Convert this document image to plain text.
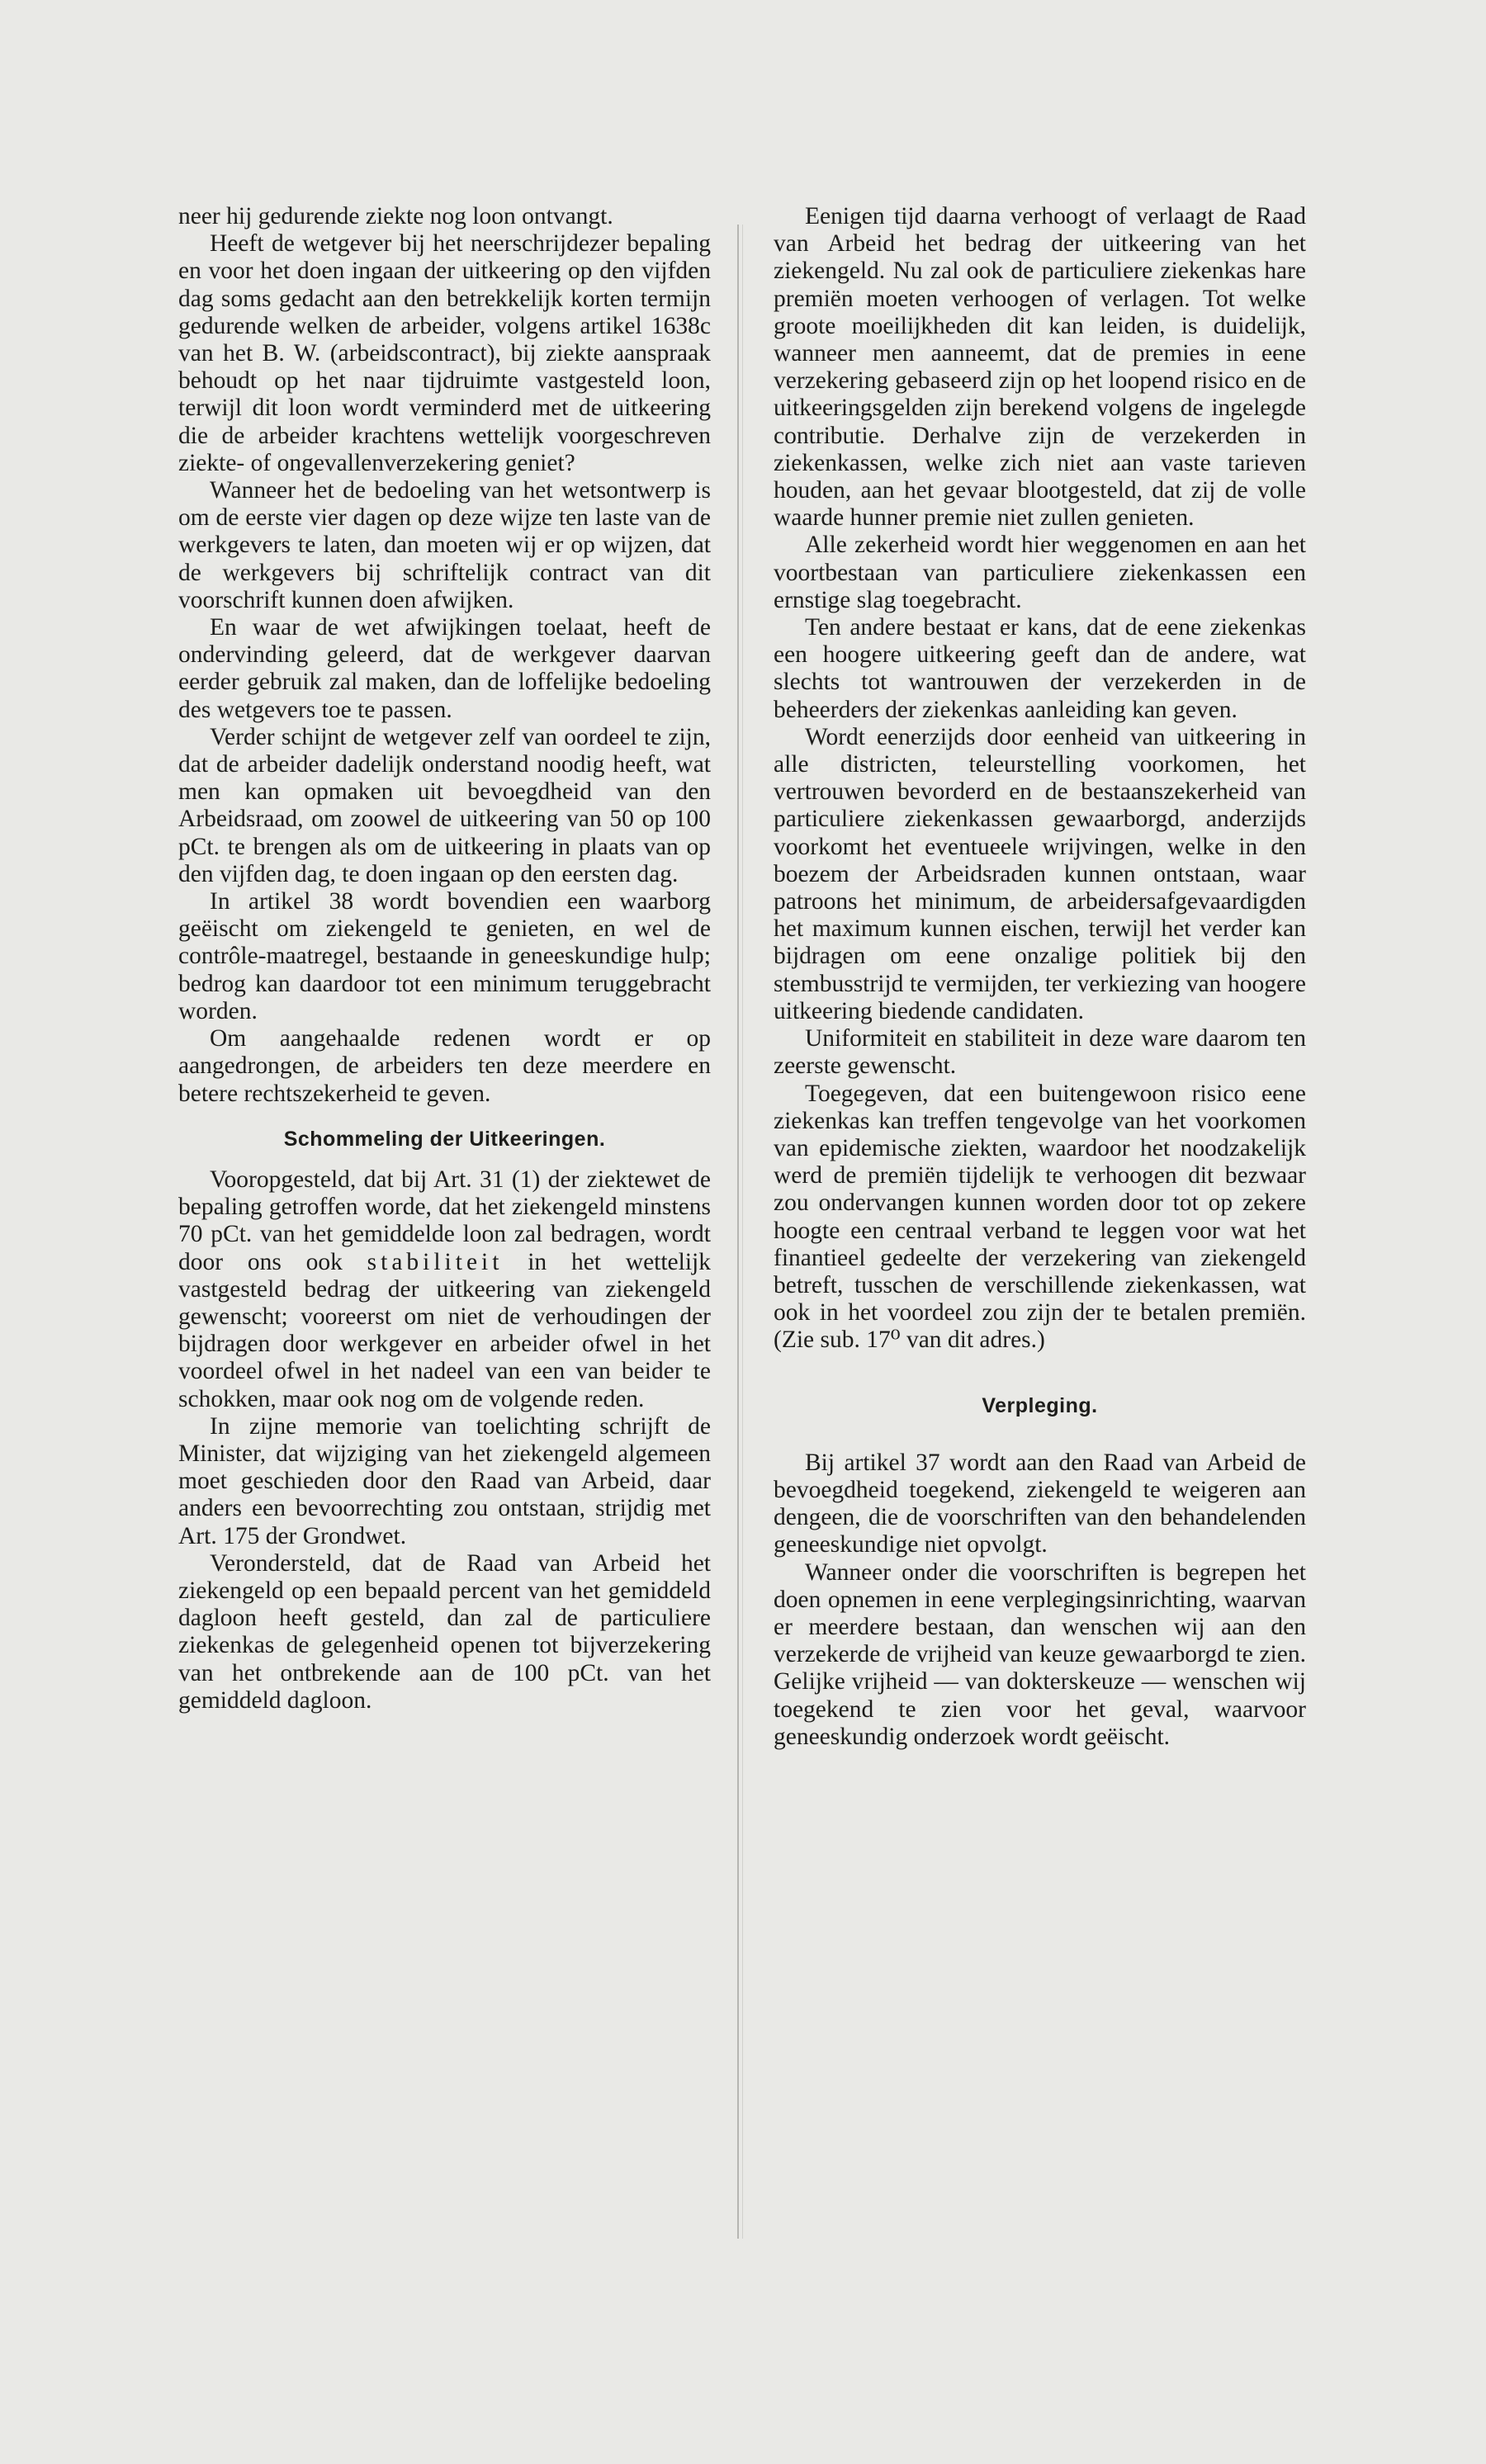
neer hij gedurende ziekte nog loon ontvangt.

Heeft de wetgever bij het neerschrijdezer bepaling en voor het doen ingaan der uitkeering op den vijfden dag soms gedacht aan den betrekkelijk korten termijn gedurende welken de arbeider, volgens artikel 1638c van het B. W. (arbeidscontract), bij ziekte aanspraak behoudt op het naar tijdruimte vastgesteld loon, terwijl dit loon wordt verminderd met de uitkeering die de arbeider krachtens wettelijk voorgeschreven ziekte- of ongevallenverzekering geniet?

Wanneer het de bedoeling van het wetsontwerp is om de eerste vier dagen op deze wijze ten laste van de werkgevers te laten, dan moeten wij er op wijzen, dat de werkgevers bij schriftelijk contract van dit voorschrift kunnen doen afwijken.

En waar de wet afwijkingen toelaat, heeft de ondervinding geleerd, dat de werkgever daarvan eerder gebruik zal maken, dan de loffelijke bedoeling des wetgevers toe te passen.

Verder schijnt de wetgever zelf van oordeel te zijn, dat de arbeider dadelijk onderstand noodig heeft, wat men kan opmaken uit bevoegdheid van den Arbeidsraad, om zoowel de uitkeering van 50 op 100 pCt. te brengen als om de uitkeering in plaats van op den vijfden dag, te doen ingaan op den eersten dag.

In artikel 38 wordt bovendien een waarborg geëischt om ziekengeld te genieten, en wel de contrôle-maatregel, bestaande in geneeskundige hulp; bedrog kan daardoor tot een minimum teruggebracht worden.

Om aangehaalde redenen wordt er op aangedrongen, de arbeiders ten deze meerdere en betere rechtszekerheid te geven.

Schommeling der Uitkeeringen.

Vooropgesteld, dat bij Art. 31 (1) der ziektewet de bepaling getroffen worde, dat het ziekengeld minstens 70 pCt. van het gemiddelde loon zal bedragen, wordt door ons ook stabiliteit in het wettelijk vastgesteld bedrag der uitkeering van ziekengeld gewenscht; vooreerst om niet de verhoudingen der bijdragen door werkgever en arbeider ofwel in het voordeel ofwel in het nadeel van een van beider te schokken, maar ook nog om de volgende reden.

In zijne memorie van toelichting schrijft de Minister, dat wijziging van het ziekengeld algemeen moet geschieden door den Raad van Arbeid, daar anders een bevoorrechting zou ontstaan, strijdig met Art. 175 der Grondwet.

Verondersteld, dat de Raad van Arbeid het ziekengeld op een bepaald percent van het gemiddeld dagloon heeft gesteld, dan zal de particuliere ziekenkas de gelegenheid openen tot bijverzekering van het ontbrekende aan de 100 pCt. van het gemiddeld dagloon.

Eenigen tijd daarna verhoogt of verlaagt de Raad van Arbeid het bedrag der uitkeering van het ziekengeld. Nu zal ook de particuliere ziekenkas hare premiën moeten verhoogen of verlagen. Tot welke groote moeilijkheden dit kan leiden, is duidelijk, wanneer men aanneemt, dat de premies in eene verzekering gebaseerd zijn op het loopend risico en de uitkeeringsgelden zijn berekend volgens de ingelegde contributie. Derhalve zijn de verzekerden in ziekenkassen, welke zich niet aan vaste tarieven houden, aan het gevaar blootgesteld, dat zij de volle waarde hunner premie niet zullen genieten.

Alle zekerheid wordt hier weggenomen en aan het voortbestaan van particuliere ziekenkassen een ernstige slag toegebracht.

Ten andere bestaat er kans, dat de eene ziekenkas een hoogere uitkeering geeft dan de andere, wat slechts tot wantrouwen der verzekerden in de beheerders der ziekenkas aanleiding kan geven.

Wordt eenerzijds door eenheid van uitkeering in alle districten, teleurstelling voorkomen, het vertrouwen bevorderd en de bestaanszekerheid van particuliere ziekenkassen gewaarborgd, anderzijds voorkomt het eventueele wrijvingen, welke in den boezem der Arbeidsraden kunnen ontstaan, waar patroons het minimum, de arbeidersafgevaardigden het maximum kunnen eischen, terwijl het verder kan bijdragen om eene onzalige politiek bij den stembusstrijd te vermijden, ter verkiezing van hoogere uitkeering biedende candidaten.

Uniformiteit en stabiliteit in deze ware daarom ten zeerste gewenscht.

Toegegeven, dat een buitengewoon risico eene ziekenkas kan treffen tengevolge van het voorkomen van epidemische ziekten, waardoor het noodzakelijk werd de premiën tijdelijk te verhoogen dit bezwaar zou ondervangen kunnen worden door tot op zekere hoogte een centraal verband te leggen voor wat het finantieel gedeelte der verzekering van ziekengeld betreft, tusschen de verschillende ziekenkassen, wat ook in het voordeel zou zijn der te betalen premiën. (Zie sub. 17⁰ van dit adres.)

Verpleging.

Bij artikel 37 wordt aan den Raad van Arbeid de bevoegdheid toegekend, ziekengeld te weigeren aan dengeen, die de voorschriften van den behandelenden geneeskundige niet opvolgt.

Wanneer onder die voorschriften is begrepen het doen opnemen in eene verplegingsinrichting, waarvan er meerdere bestaan, dan wenschen wij aan den verzekerde de vrijheid van keuze gewaarborgd te zien. Gelijke vrijheid — van dokterskeuze — wenschen wij toegekend te zien voor het geval, waarvoor geneeskundig onderzoek wordt geëischt.
